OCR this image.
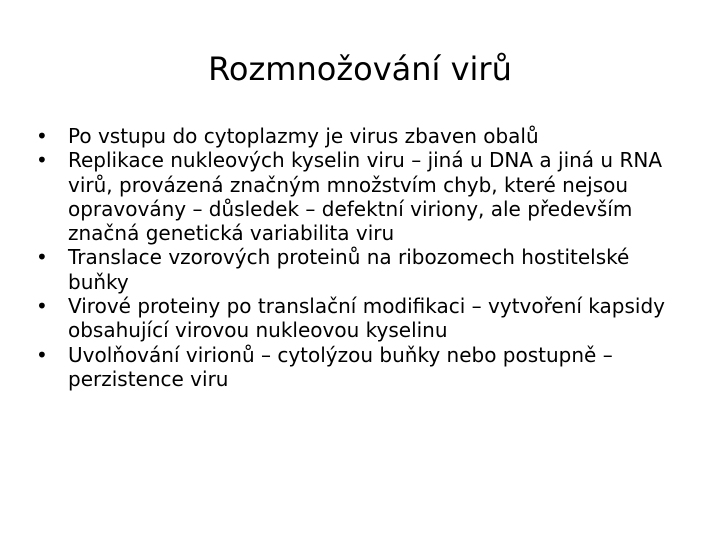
Rozmnožování virů
•	Po vstupu do cytoplazmy je virus zbaven obalů
•	Replikace nukleových kyselin viru – jiná u DNA a jiná u RNA virů, provázená značným množstvím chyb, které nejsou opravovány – důsledek – defektní viriony, ale především značná genetická variabilita viru
•	Translace vzorových proteinů na ribozomech hostitelské buňky
•	Virové proteiny po translační modifikaci – vytvoření kapsidy obsahující virovou nukleovou kyselinu
•	Uvolňování virionů – cytolýzou buňky nebo postupně – perzistence viru
